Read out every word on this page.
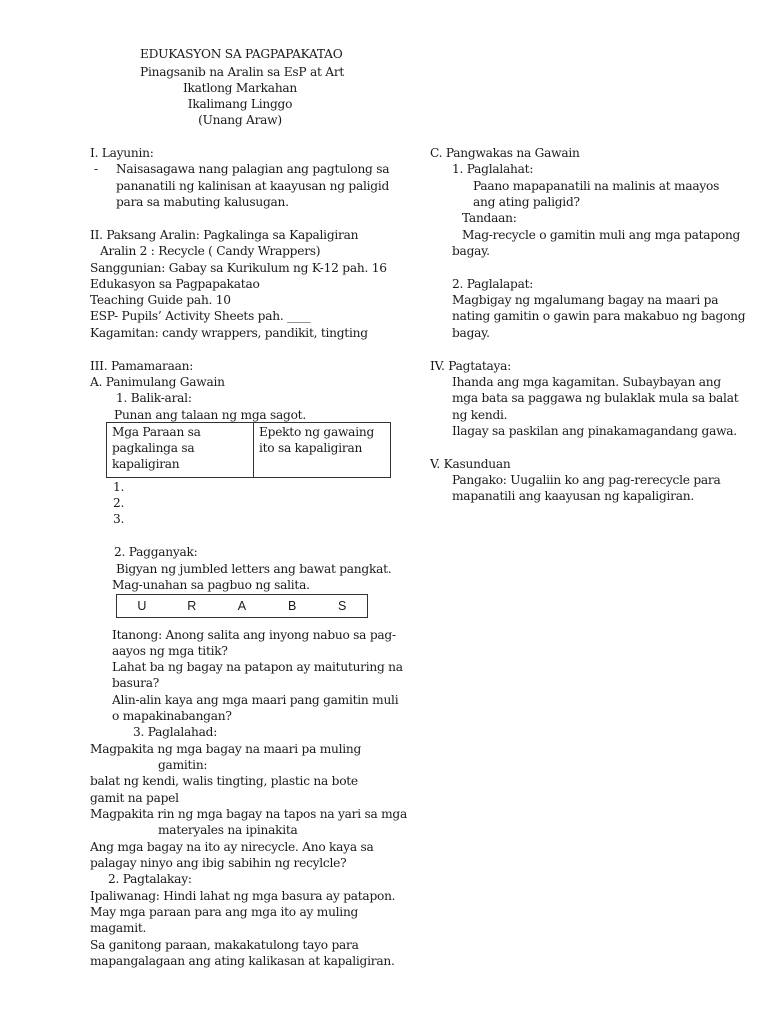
EDUKASYON SA PAGPAPAKATAO
Pinagsanib na Aralin sa EsP at Art
Ikatlong Markahan
Ikalimang Linggo
(Unang Araw)
I. Layunin:
- Naisasagawa nang palagian ang pagtulong sa
pananatili ng kalinisan at kaayusan ng paligid
para sa mabuting kalusugan.
II. Paksang Aralin: Pagkalinga sa Kapaligiran
Aralin 2 : Recycle ( Candy Wrappers)
Sanggunian: Gabay sa Kurikulum ng K-12 pah. 16
Edukasyon sa Pagpapakatao
Teaching Guide pah. 10
ESP- Pupils’ Activity Sheets pah. ____
Kagamitan: candy wrappers, pandikit, tingting
III. Pamamaraan:
A. Panimulang Gawain
1. Balik-aral:
Punan ang talaan ng mga sagot.
Mga Paraan sa pagkalinga sa kapaligiran	Epekto ng gawaing ito sa kapaligiran
1.
2.
3.
2. Pagganyak:
Bigyan ng jumbled letters ang bawat pangkat.
Mag-unahan sa pagbuo ng salita.
U	R	A	B	S
Itanong: Anong salita ang inyong nabuo sa pag-
aayos ng mga titik?
Lahat ba ng bagay na patapon ay maituturing na
basura?
Alin-alin kaya ang mga maari pang gamitin muli
o mapakinabangan?
3. Paglalahad:
Magpakita ng mga bagay na maari pa muling
gamitin:
balat ng kendi, walis tingting, plastic na bote
gamit na papel
Magpakita rin ng mga bagay na tapos na yari sa mga
materyales na ipinakita
Ang mga bagay na ito ay nirecycle. Ano kaya sa
palagay ninyo ang ibig sabihin ng recylcle?
2. Pagtalakay:
Ipaliwanag: Hindi lahat ng mga basura ay patapon.
May mga paraan para ang mga ito ay muling
magamit.
Sa ganitong paraan, makakatulong tayo para
mapangalagaan ang ating kalikasan at kapaligiran.
C. Pangwakas na Gawain
1. Paglalahat:
Paano mapapanatili na malinis at maayos
ang ating paligid?
Tandaan:
Mag-recycle o gamitin muli ang mga patapong
bagay.
2. Paglalapat:
Magbigay ng mgalumang bagay na maari pa
nating gamitin o gawin para makabuo ng bagong
bagay.
IV. Pagtataya:
Ihanda ang mga kagamitan. Subaybayan ang
mga bata sa paggawa ng bulaklak mula sa balat
ng kendi.
Ilagay sa paskilan ang pinakamagandang gawa.
V. Kasunduan
Pangako: Uugaliin ko ang pag-rerecycle para
mapanatili ang kaayusan ng kapaligiran.
